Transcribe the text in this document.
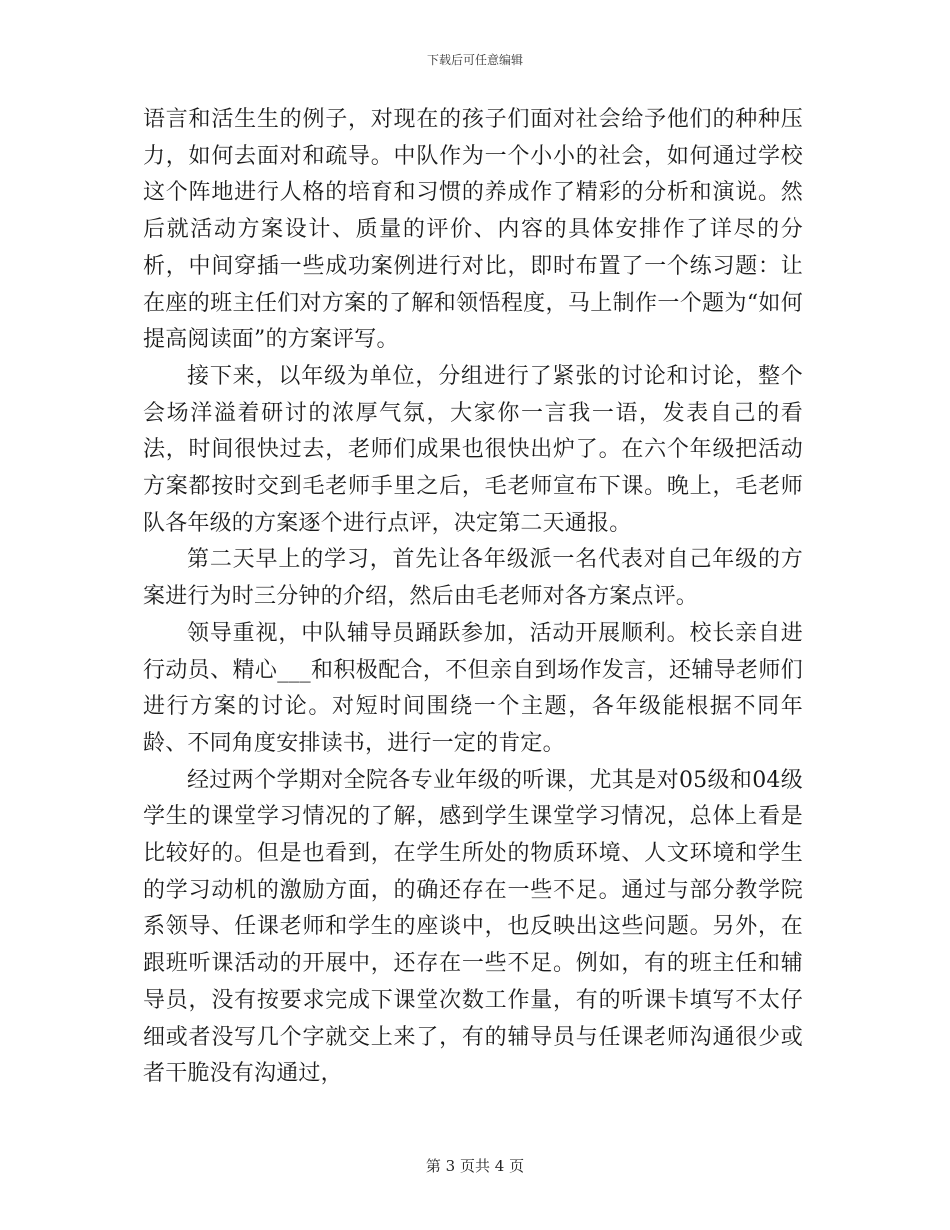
下载后可任意编辑

语言和活生生的例子，对现在的孩子们面对社会给予他们的种种压力，如何去面对和疏导。中队作为一个小小的社会，如何通过学校这个阵地进行人格的培育和习惯的养成作了精彩的分析和演说。然后就活动方案设计、质量的评价、内容的具体安排作了详尽的分析，中间穿插一些成功案例进行对比，即时布置了一个练习题：让在座的班主任们对方案的了解和领悟程度，马上制作一个题为“如何提高阅读面”的方案评写。

接下来，以年级为单位，分组进行了紧张的讨论和讨论，整个会场洋溢着研讨的浓厚气氛，大家你一言我一语，发表自己的看法，时间很快过去，老师们成果也很快出炉了。在六个年级把活动方案都按时交到毛老师手里之后，毛老师宣布下课。晚上，毛老师队各年级的方案逐个进行点评，决定第二天通报。

第二天早上的学习，首先让各年级派一名代表对自己年级的方案进行为时三分钟的介绍，然后由毛老师对各方案点评。

领导重视，中队辅导员踊跃参加，活动开展顺利。校长亲自进行动员、精心___和积极配合，不但亲自到场作发言，还辅导老师们进行方案的讨论。对短时间围绕一个主题，各年级能根据不同年龄、不同角度安排读书，进行一定的肯定。

经过两个学期对全院各专业年级的听课，尤其是对05级和04级学生的课堂学习情况的了解，感到学生课堂学习情况，总体上看是比较好的。但是也看到，在学生所处的物质环境、人文环境和学生的学习动机的激励方面，的确还存在一些不足。通过与部分教学院系领导、任课老师和学生的座谈中，也反映出这些问题。另外，在跟班听课活动的开展中，还存在一些不足。例如，有的班主任和辅导员，没有按要求完成下课堂次数工作量，有的听课卡填写不太仔细或者没写几个字就交上来了，有的辅导员与任课老师沟通很少或者干脆没有沟通过，

第 3 页共 4 页
